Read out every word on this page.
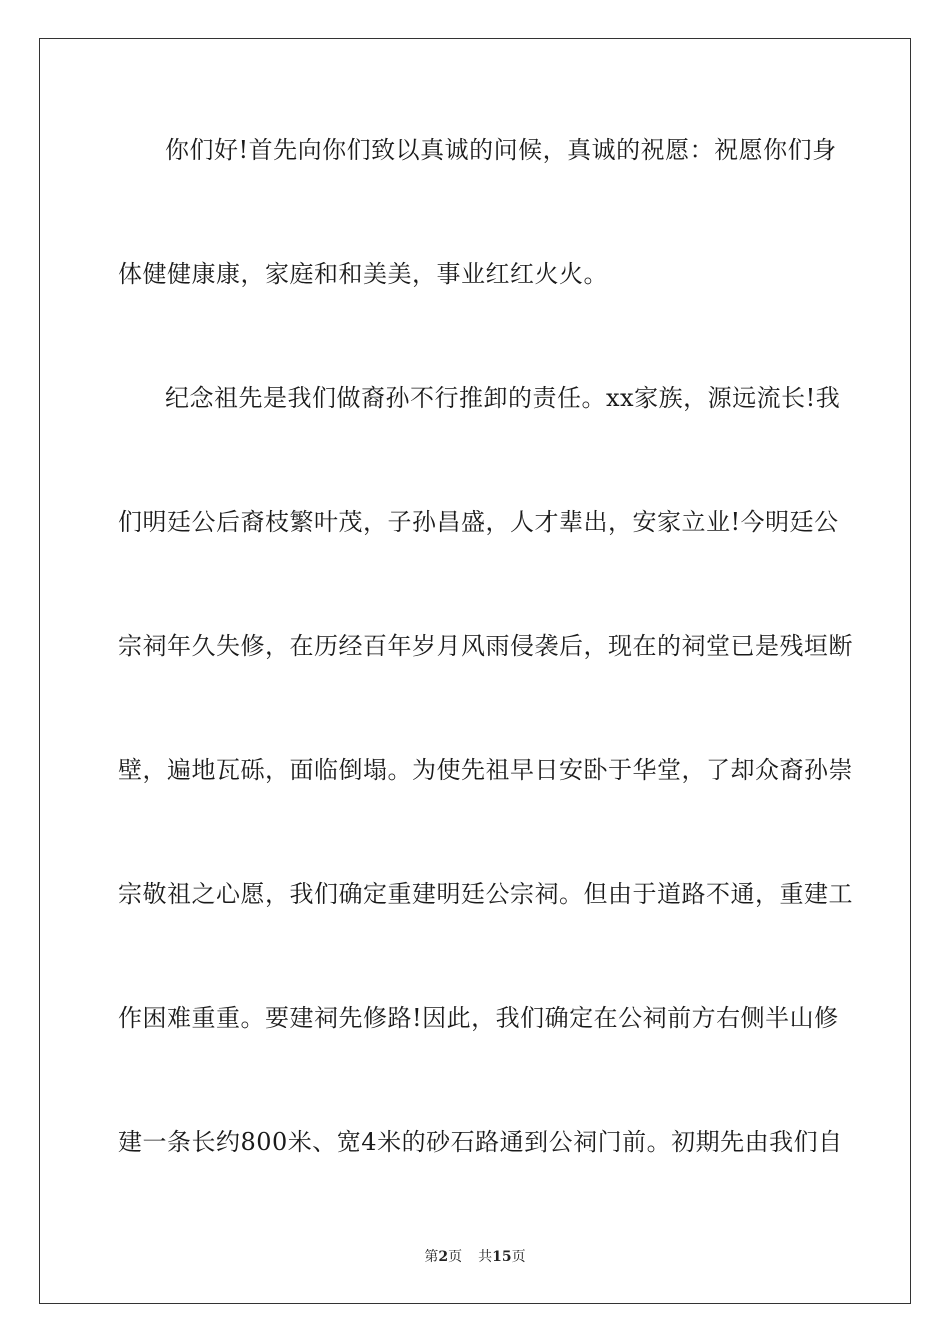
你们好!首先向你们致以真诚的问候，真诚的祝愿：祝愿你们身
体健健康康，家庭和和美美，事业红红火火。
纪念祖先是我们做裔孙不行推卸的责任。xx家族，源远流长!我
们明廷公后裔枝繁叶茂，子孙昌盛，人才辈出，安家立业!今明廷公
宗祠年久失修，在历经百年岁月风雨侵袭后，现在的祠堂已是残垣断
壁，遍地瓦砾，面临倒塌。为使先祖早日安卧于华堂，了却众裔孙崇
宗敬祖之心愿，我们确定重建明廷公宗祠。但由于道路不通，重建工
作困难重重。要建祠先修路!因此，我们确定在公祠前方右侧半山修
建一条长约800米、宽4米的砂石路通到公祠门前。初期先由我们自
第2页 共15页
